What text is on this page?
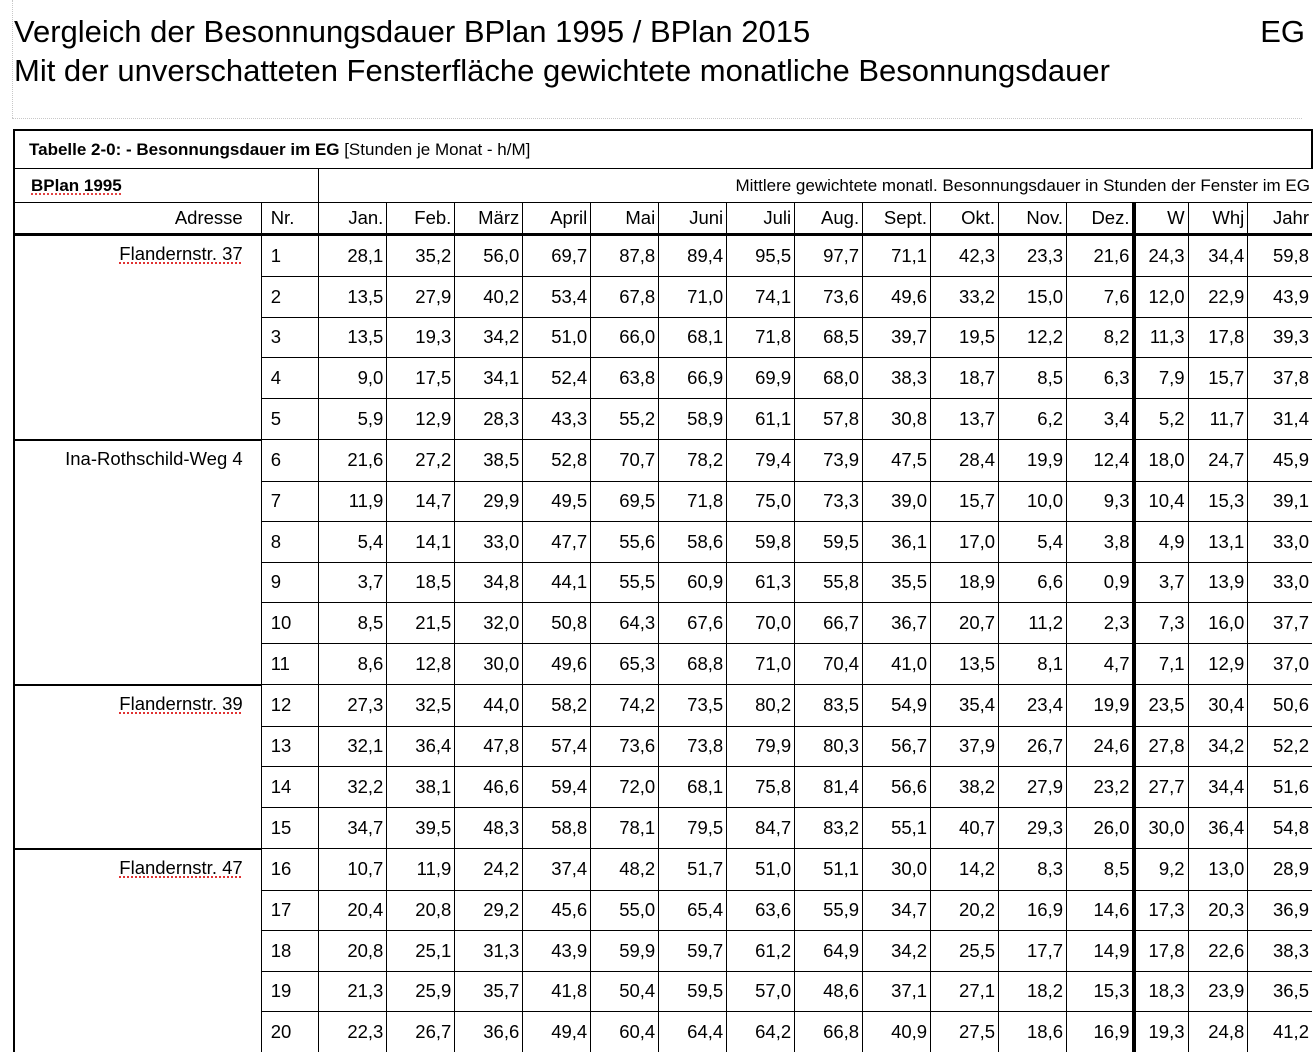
Vergleich der Besonnungsdauer BPlan 1995 / BPlan 2015
Mit der unverschatteten Fensterfläche gewichtete monatliche Besonnungsdauer
EG
Tabelle 2-0: - Besonnungsdauer im EG [Stunden je Monat - h/M]																
BPlan 1995		Mittlere gewichtete monatl. Besonnungsdauer in Stunden der Fenster im EG														
Adresse	Nr.	Jan.	Feb.	März	April	Mai	Juni	Juli	Aug.	Sept.	Okt.	Nov.	Dez.	W	Whj	Jahr
Flandernstr. 37	1	28,1	35,2	56,0	69,7	87,8	89,4	95,5	97,7	71,1	42,3	23,3	21,6	24,3	34,4	59,8
	2	13,5	27,9	40,2	53,4	67,8	71,0	74,1	73,6	49,6	33,2	15,0	7,6	12,0	22,9	43,9
	3	13,5	19,3	34,2	51,0	66,0	68,1	71,8	68,5	39,7	19,5	12,2	8,2	11,3	17,8	39,3
	4	9,0	17,5	34,1	52,4	63,8	66,9	69,9	68,0	38,3	18,7	8,5	6,3	7,9	15,7	37,8
	5	5,9	12,9	28,3	43,3	55,2	58,9	61,1	57,8	30,8	13,7	6,2	3,4	5,2	11,7	31,4
Ina-Rothschild-Weg 4	6	21,6	27,2	38,5	52,8	70,7	78,2	79,4	73,9	47,5	28,4	19,9	12,4	18,0	24,7	45,9
	7	11,9	14,7	29,9	49,5	69,5	71,8	75,0	73,3	39,0	15,7	10,0	9,3	10,4	15,3	39,1
	8	5,4	14,1	33,0	47,7	55,6	58,6	59,8	59,5	36,1	17,0	5,4	3,8	4,9	13,1	33,0
	9	3,7	18,5	34,8	44,1	55,5	60,9	61,3	55,8	35,5	18,9	6,6	0,9	3,7	13,9	33,0
	10	8,5	21,5	32,0	50,8	64,3	67,6	70,0	66,7	36,7	20,7	11,2	2,3	7,3	16,0	37,7
	11	8,6	12,8	30,0	49,6	65,3	68,8	71,0	70,4	41,0	13,5	8,1	4,7	7,1	12,9	37,0
Flandernstr. 39	12	27,3	32,5	44,0	58,2	74,2	73,5	80,2	83,5	54,9	35,4	23,4	19,9	23,5	30,4	50,6
	13	32,1	36,4	47,8	57,4	73,6	73,8	79,9	80,3	56,7	37,9	26,7	24,6	27,8	34,2	52,2
	14	32,2	38,1	46,6	59,4	72,0	68,1	75,8	81,4	56,6	38,2	27,9	23,2	27,7	34,4	51,6
	15	34,7	39,5	48,3	58,8	78,1	79,5	84,7	83,2	55,1	40,7	29,3	26,0	30,0	36,4	54,8
Flandernstr. 47	16	10,7	11,9	24,2	37,4	48,2	51,7	51,0	51,1	30,0	14,2	8,3	8,5	9,2	13,0	28,9
	17	20,4	20,8	29,2	45,6	55,0	65,4	63,6	55,9	34,7	20,2	16,9	14,6	17,3	20,3	36,9
	18	20,8	25,1	31,3	43,9	59,9	59,7	61,2	64,9	34,2	25,5	17,7	14,9	17,8	22,6	38,3
	19	21,3	25,9	35,7	41,8	50,4	59,5	57,0	48,6	37,1	27,1	18,2	15,3	18,3	23,9	36,5
	20	22,3	26,7	36,6	49,4	60,4	64,4	64,2	66,8	40,9	27,5	18,6	16,9	19,3	24,8	41,2
